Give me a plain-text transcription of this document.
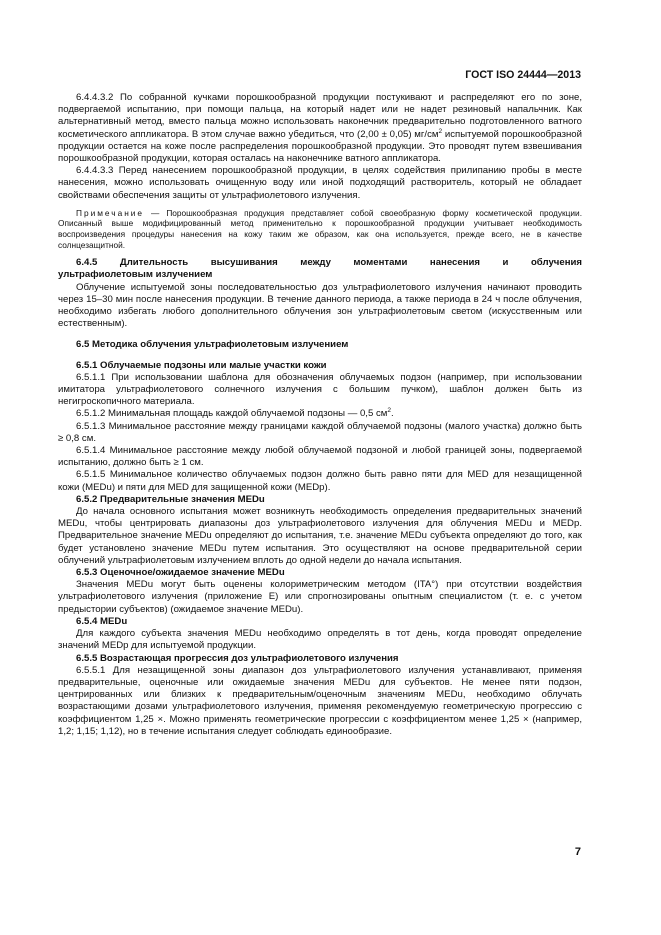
ГОСТ ISO 24444—2013

6.4.4.3.2 По собранной кучками порошкообразной продукции постукивают и распределяют его по зоне, подвергаемой испытанию, при помощи пальца, на который надет или не надет резиновый напальчник. Как альтернативный метод, вместо пальца можно использовать наконечник предварительно подготовленного ватного косметического аппликатора. В этом случае важно убедиться, что (2,00 ± 0,05) $мг/см^2$ испытуемой порошкообразной продукции остается на коже после распределения порошкообразной продукции. Это проводят путем взвешивания порошкообразной продукции, которая осталась на наконечнике ватного аппликатора.

6.4.4.3.3 Перед нанесением порошкообразной продукции, в целях содействия прилипанию пробы в месте нанесения, можно использовать очищенную воду или иной подходящий растворитель, который не обладает свойствами обеспечения защиты от ультрафиолетового излучения.

Примечание — Порошкообразная продукция представляет собой своеобразную форму косметической продукции. Описанный выше модифицированный метод применительно к порошкообразной продукции учитывает необходимость воспроизведения процедуры нанесения на кожу таким же образом, как она используется, прежде всего, не в качестве солнцезащитной.

6.4.5 Длительность высушивания между моментами нанесения и облучения

ультрафиолетовым излучением

Облучение испытуемой зоны последовательностью доз ультрафиолетового излучения начинают проводить через 15–30 мин после нанесения продукции. В течение данного периода, а также периода в 24 ч после облучения, необходимо избегать любого дополнительного облучения зон ультрафиолетовым светом (искусственным или естественным).

6.5 Методика облучения ультрафиолетовым излучением

6.5.1 Облучаемые подзоны или малые участки кожи

6.5.1.1 При использовании шаблона для обозначения облучаемых подзон (например, при использовании имитатора ультрафиолетового солнечного излучения с большим пучком), шаблон должен быть из негигроскопичного материала.

6.5.1.2 Минимальная площадь каждой облучаемой подзоны — 0,5 $см^2$.

6.5.1.3 Минимальное расстояние между границами каждой облучаемой подзоны (малого участка) должно быть ≥ 0,8 см.

6.5.1.4 Минимальное расстояние между любой облучаемой подзоной и любой границей зоны, подвергаемой испытанию, должно быть ≥ 1 см.

6.5.1.5 Минимальное количество облучаемых подзон должно быть равно пяти для MED для незащищенной кожи (MEDu) и пяти для MED для защищенной кожи (MEDp).

6.5.2 Предварительные значения MEDu

До начала основного испытания может возникнуть необходимость определения предварительных значений MEDu, чтобы центрировать диапазоны доз ультрафиолетового излучения для облучения MEDu и MEDp. Предварительное значение MEDu определяют до испытания, т.е. значение MEDu субъекта определяют до того, как будет установлено значение MEDu путем испытания. Это осуществляют на основе предварительной серии облучений ультрафиолетовым излучением вплоть до одной недели до начала испытания.

6.5.3 Оценочное/ожидаемое значение MEDu

Значения MEDu могут быть оценены колориметрическим методом (ITA°) при отсутствии воздействия ультрафиолетового излучения (приложение Е) или спрогнозированы опытным специалистом (т. е. с учетом предыстории субъектов) (ожидаемое значение MEDu).

6.5.4 MEDu

Для каждого субъекта значения MEDu необходимо определять в тот день, когда проводят определение значений MEDp для испытуемой продукции.

6.5.5 Возрастающая прогрессия доз ультрафиолетового излучения

6.5.5.1 Для незащищенной зоны диапазон доз ультрафиолетового излучения устанавливают, применяя предварительные, оценочные или ожидаемые значения MEDu для субъектов. Не менее пяти подзон, центрированных или близких к предварительным/оценочным значениям MEDu, необходимо облучать возрастающими дозами ультрафиолетового излучения, применяя рекомендуемую геометрическую прогрессию с коэффициентом 1,25 ×. Можно применять геометрические прогрессии с коэффициентом менее 1,25 × (например, 1,2; 1,15; 1,12), но в течение испытания следует соблюдать единообразие.

7
